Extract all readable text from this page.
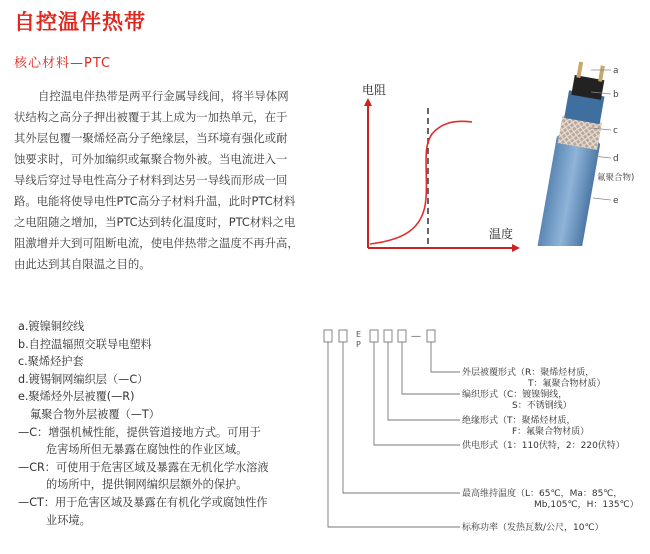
自控温伴热带
核心材料—PTC
自控温电伴热带是两平行金属导线间，将半导体网
状结构之高分子押出被覆于其上成为一加热单元，在于
其外层包覆一聚烯烃高分子绝缘层，当环境有强化或耐
蚀要求时，可外加编织或氟聚合物外被。当电流进入一
导线后穿过导电性高分子材料到达另一导线而形成一回
路。电能将使导电性PTC高分子材料升温，此时PTC材料
之电阻随之增加，当PTC达到转化温度时，PTC材料之电
阻激增并大到可阻断电流，使电伴热带之温度不再升高，
由此达到其自限温之目的。
电阻
温度
a
b
c
d
氟聚合物)
e
a.镀镍铜绞线
b.自控温辐照交联导电塑料
c.聚烯烃护套
d.镀锡铜网编织层（—C）
e.聚烯烃外层被覆(—R)
氟聚合物外层被覆（—T）
—C：增强机械性能，提供管道接地方式。可用于
危害场所但无暴露在腐蚀性的作业区域。
—CR：可使用于危害区域及暴露在无机化学水溶液
的场所中，提供铜网编织层额外的保护。
—CT：用于危害区域及暴露在有机化学或腐蚀性作
业环境。
E
P
—
外层被覆形式（R：聚烯烃材质，
T：氟聚合物材质）
编织形式（C：镀镍铜线，
S：不锈钢线）
绝缘形式（T：聚烯烃材质，
F：氟聚合物材质）
供电形式（1：110伏特，2：220伏特）
最高维持温度（L：65℃，Ma：85℃，
Mb,105℃，H：135℃）
标称功率（发热瓦数/公尺，10℃）
